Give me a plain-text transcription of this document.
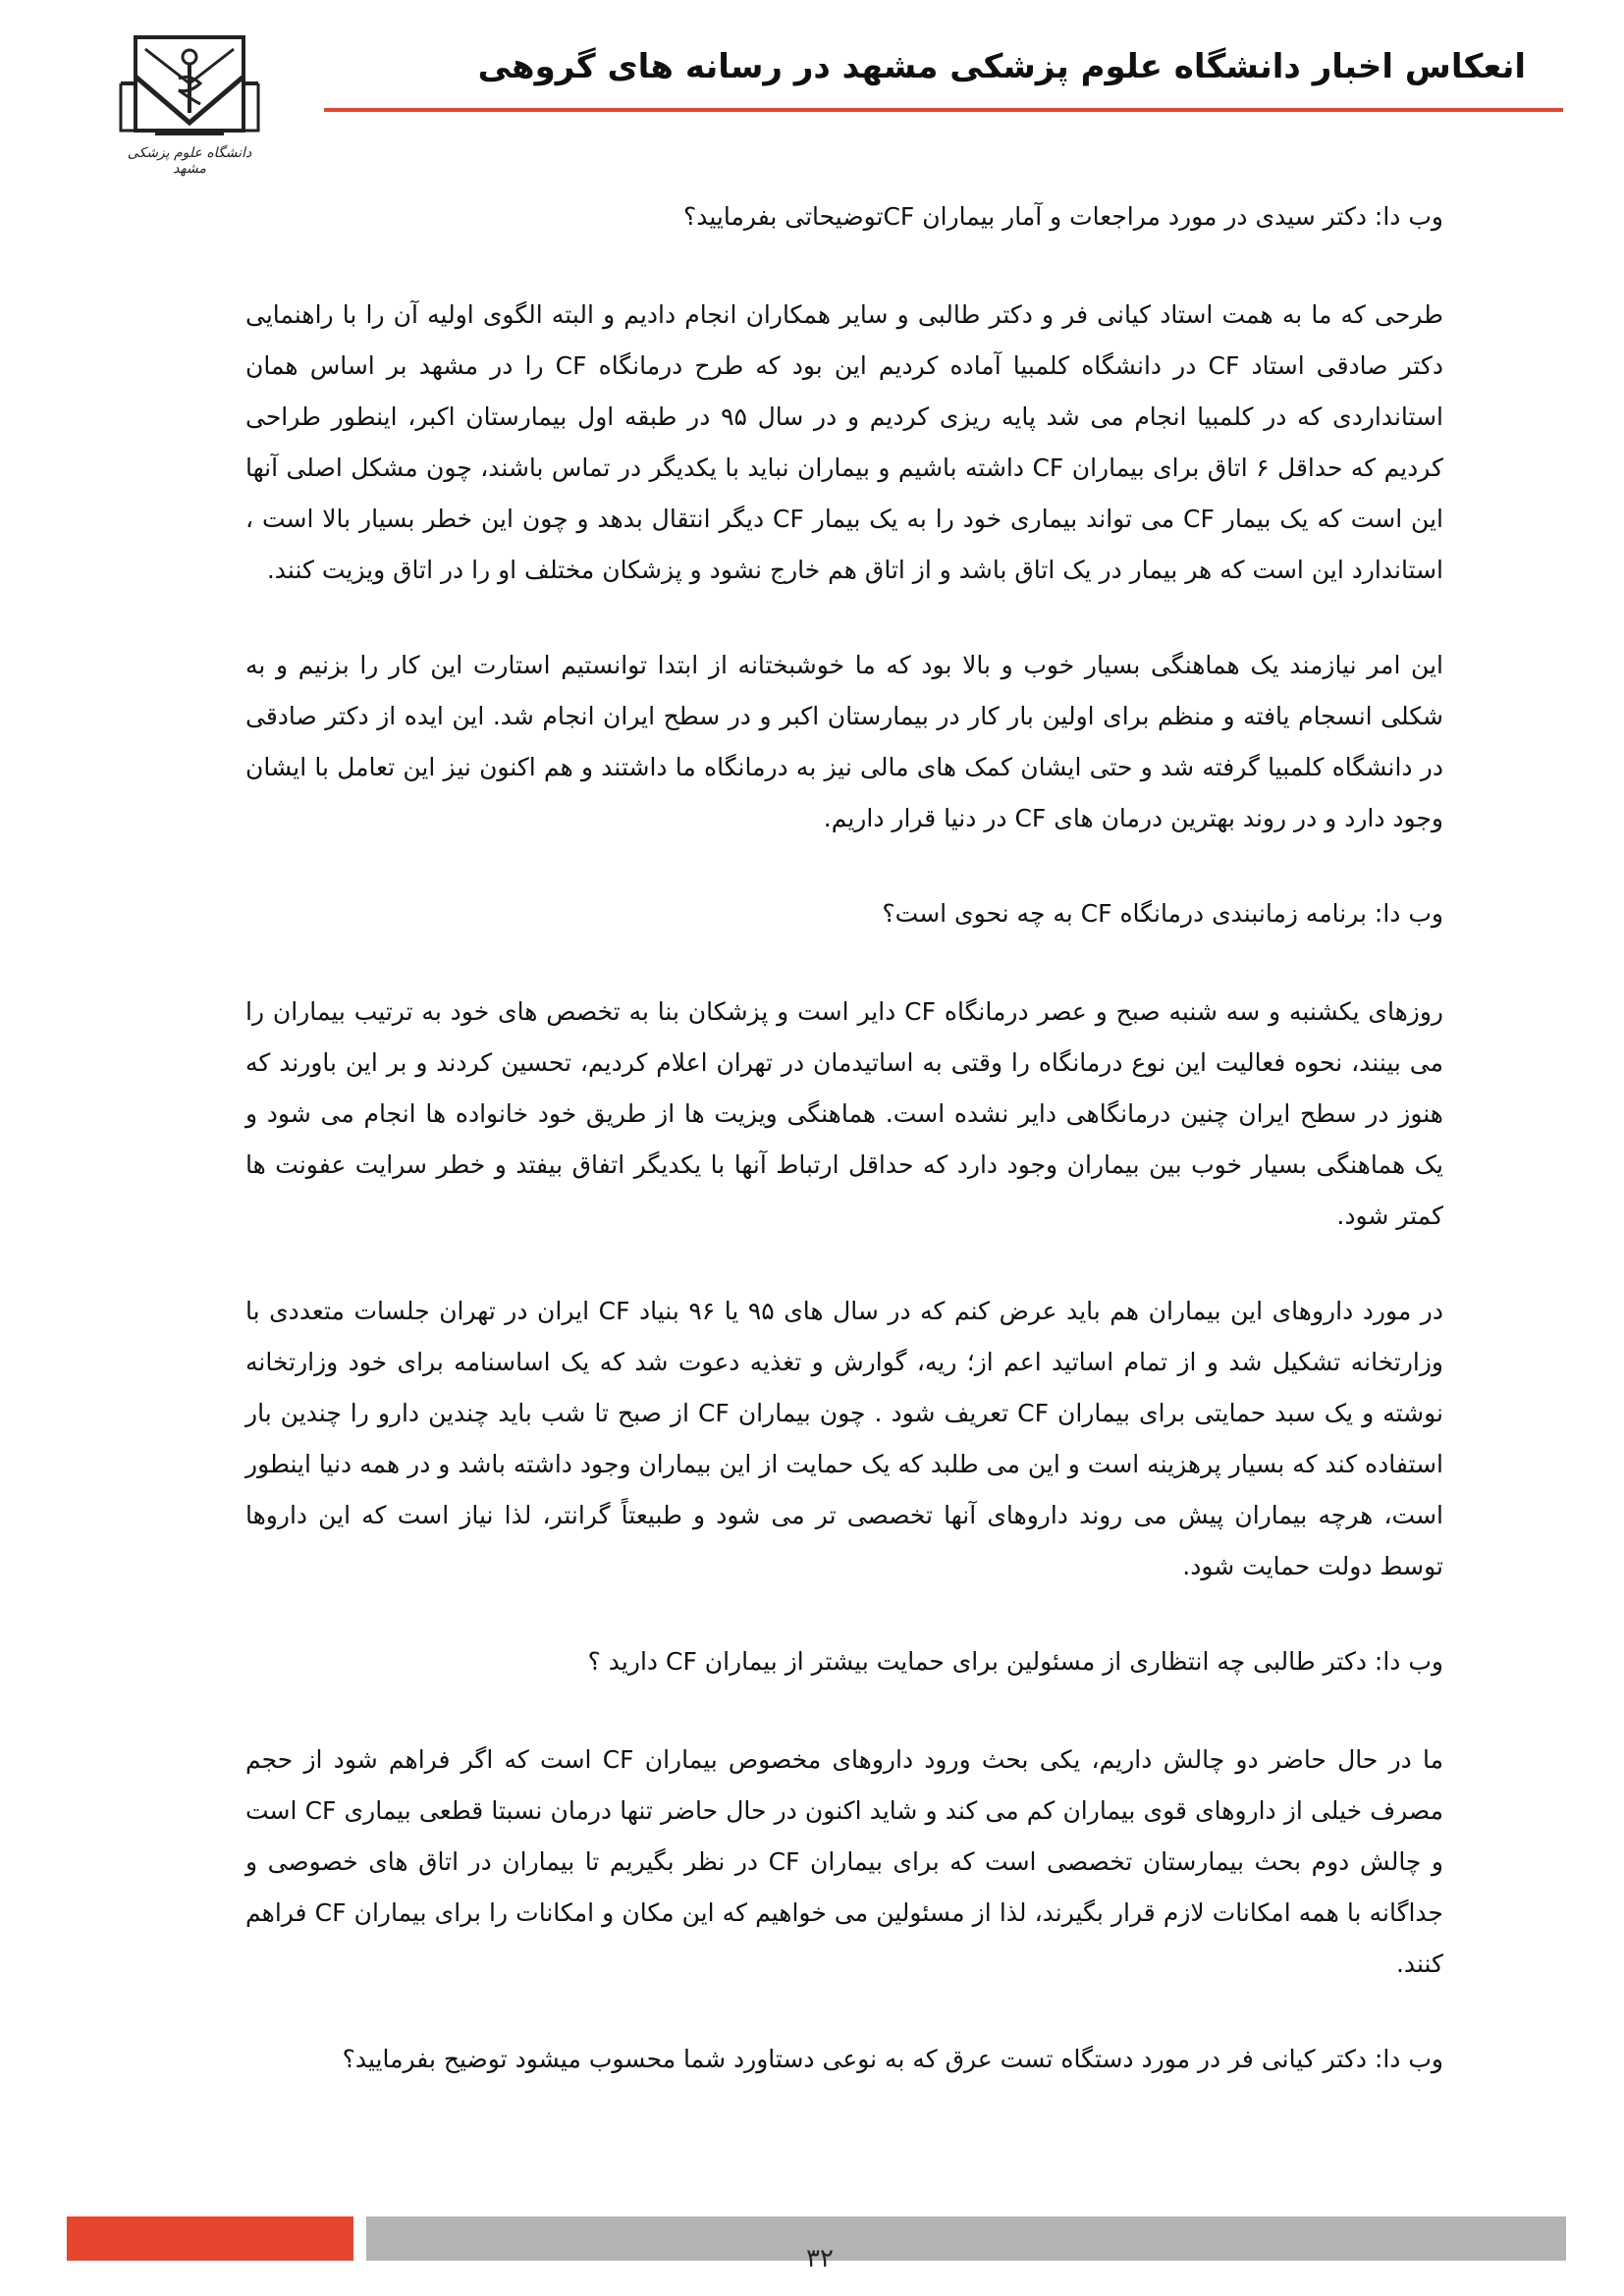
دانشگاه علوم پزشکی مشهد
انعکاس اخبار دانشگاه علوم پزشکی مشهد در رسانه های گروهی

وب دا: دکتر سیدی در مورد مراجعات و آمار بیماران CFتوضیحاتی بفرمایید؟

طرحی که ما به همت استاد کیانی فر و دکتر طالبی و سایر همکاران انجام دادیم و البته الگوی اولیه آن را با راهنمایی دکتر صادقی استاد CF در دانشگاه کلمبیا آماده کردیم این بود که طرح درمانگاه CF را در مشهد بر اساس همان استانداردی که در کلمبیا انجام می شد پایه ریزی کردیم و در سال ۹۵ در طبقه اول بیمارستان اکبر، اینطور طراحی کردیم که حداقل ۶ اتاق برای بیماران CF داشته باشیم و بیماران نباید با یکدیگر در تماس باشند، چون مشکل اصلی آنها این است که یک بیمار CF می تواند بیماری خود را به یک بیمار CF دیگر انتقال بدهد و چون این خطر بسیار بالا است ، استاندارد این است که هر بیمار در یک اتاق باشد و از اتاق هم خارج نشود و پزشکان مختلف او را در اتاق ویزیت کنند.

این امر نیازمند یک هماهنگی بسیار خوب و بالا بود که ما خوشبختانه از ابتدا توانستیم استارت این کار را بزنیم و به شکلی انسجام یافته و منظم برای اولین بار کار در بیمارستان اکبر و در سطح ایران انجام شد. این ایده از دکتر صادقی در دانشگاه کلمبیا گرفته شد و حتی ایشان کمک های مالی نیز به درمانگاه ما داشتند و هم اکنون نیز این تعامل با ایشان وجود دارد و در روند بهترین درمان های CF در دنیا قرار داریم.

وب دا: برنامه زمانبندی درمانگاه CF به چه نحوی است؟

روزهای یکشنبه و سه شنبه صبح و عصر درمانگاه CF دایر است و پزشکان بنا به تخصص های خود به ترتیب بیماران را می بینند، نحوه فعالیت این نوع درمانگاه را وقتی به اساتیدمان در تهران اعلام کردیم، تحسین کردند و بر این باورند که هنوز در سطح ایران چنین درمانگاهی دایر نشده است. هماهنگی ویزیت ها از طریق خود خانواده ها انجام می شود و یک هماهنگی بسیار خوب بین بیماران وجود دارد که حداقل ارتباط آنها با یکدیگر اتفاق بیفتد و خطر سرایت عفونت ها کمتر شود.

در مورد داروهای این بیماران هم باید عرض کنم که در سال های ۹۵ یا ۹۶ بنیاد CF ایران در تهران جلسات متعددی با وزارتخانه تشکیل شد و از تمام اساتید اعم از؛ ریه، گوارش و تغذیه دعوت شد که یک اساسنامه برای خود وزارتخانه نوشته و یک سبد حمایتی برای بیماران CF تعریف شود . چون بیماران CF از صبح تا شب باید چندین دارو را چندین بار استفاده کند که بسیار پرهزینه است و این می طلبد که یک حمایت از این بیماران وجود داشته باشد و در همه دنیا اینطور است، هرچه بیماران پیش می روند داروهای آنها تخصصی تر می شود و طبیعتاً گرانتر، لذا نیاز است که این داروها توسط دولت حمایت شود.

وب دا: دکتر طالبی چه انتظاری از مسئولین برای حمایت بیشتر از بیماران CF دارید ؟

ما در حال حاضر دو چالش داریم، یکی بحث ورود داروهای مخصوص بیماران CF است که اگر فراهم شود از حجم مصرف خیلی از داروهای قوی بیماران کم می کند و شاید اکنون در حال حاضر تنها درمان نسبتا قطعی بیماری CF است و چالش دوم بحث بیمارستان تخصصی است که برای بیماران CF در نظر بگیریم تا بیماران در اتاق های خصوصی و جداگانه با همه امکانات لازم قرار بگیرند، لذا از مسئولین می خواهیم که این مکان و امکانات را برای بیماران CF فراهم کنند.

وب دا: دکتر کیانی فر در مورد دستگاه تست عرق که به نوعی دستاورد شما محسوب میشود توضیح بفرمایید؟

۳۲
